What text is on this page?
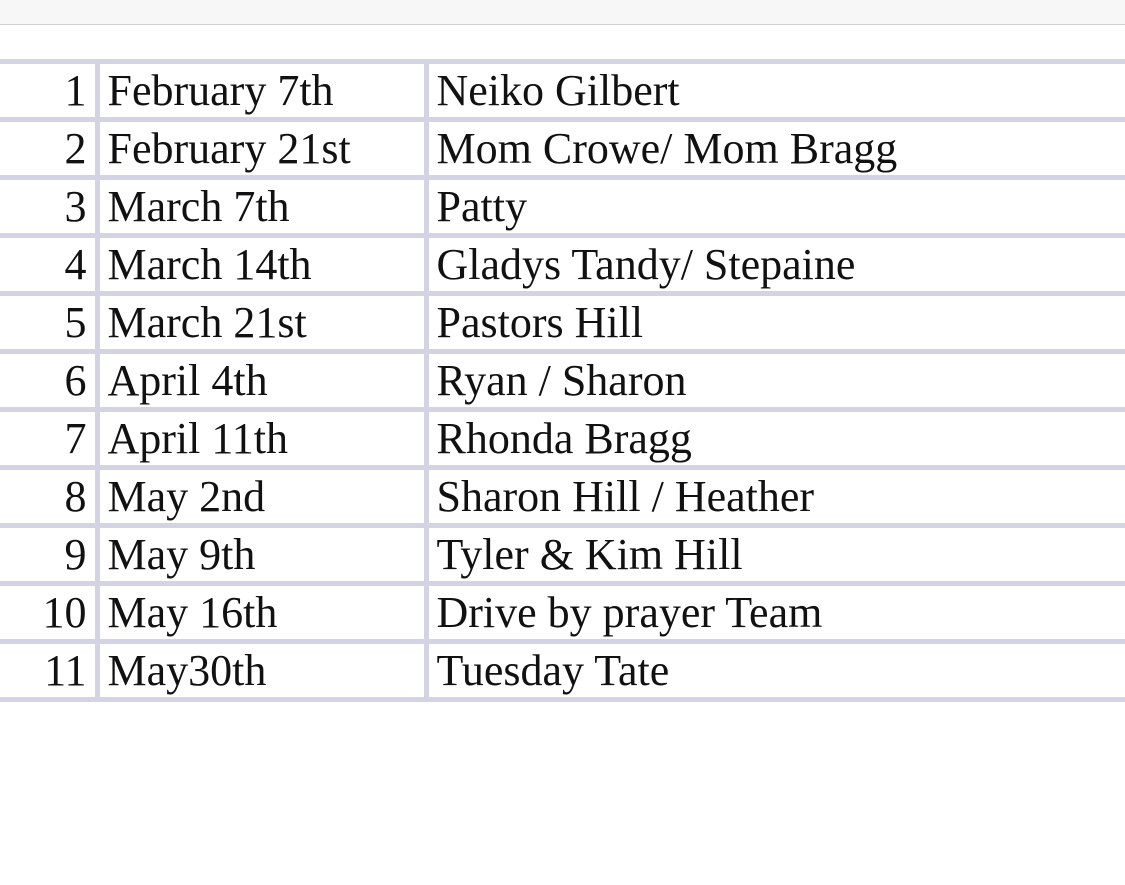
1	February 7th	Neiko Gilbert
2	February 21st	Mom Crowe/ Mom Bragg
3	March 7th	Patty
4	March 14th	Gladys Tandy/ Stepaine
5	March 21st	Pastors Hill
6	April 4th	Ryan / Sharon
7	April 11th	Rhonda Bragg
8	May 2nd	Sharon Hill / Heather
9	May 9th	Tyler & Kim Hill
10	May 16th	Drive by prayer Team
11	May30th	Tuesday Tate
